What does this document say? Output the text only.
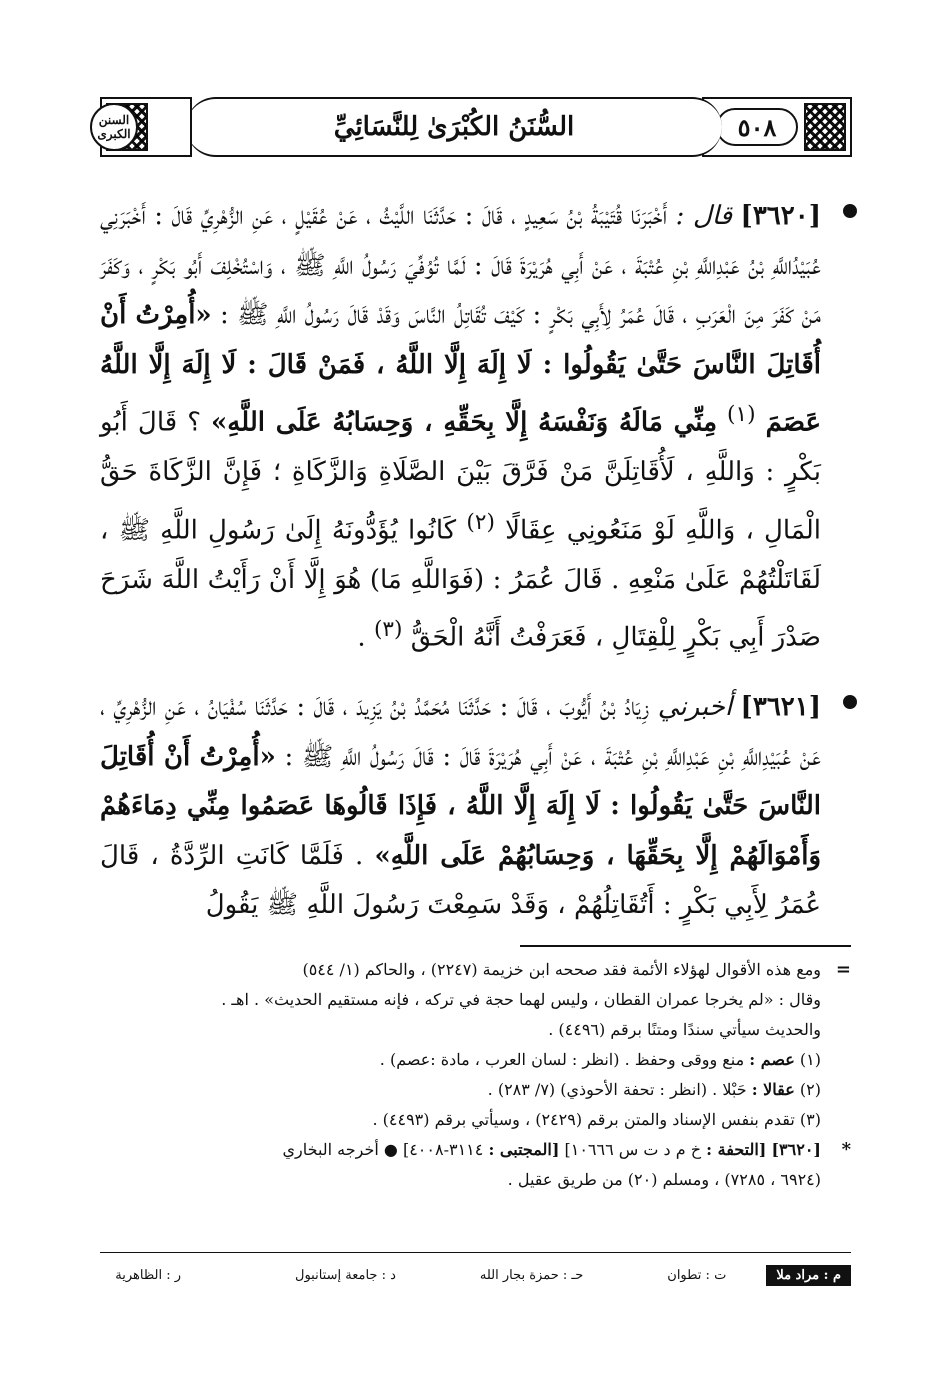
٥٠٨
السُّنَنُ الكُبْرَىٰ لِلنَّسَائِيِّ
السنن الكبرى
[٣٦٢٠] قال : أَخْبَرَنَا قُتَيْبَةُ بْنُ سَعِيدٍ ، قَالَ : حَدَّثَنَا اللَّيْثُ ، عَنْ عُقَيْلٍ ، عَنِ الزُّهْرِيِّ قَالَ : أَخْبَرَنِي عُبَيْدُاللَّهِ بْنُ عَبْدِاللَّهِ بْنِ عُتْبَةَ ، عَنْ أَبِي هُرَيْرَةَ قَالَ : لَمَّا تُوُفِّيَ رَسُولُ اللَّهِ ﷺ ، وَاسْتُخْلِفَ أَبُو بَكْرٍ ، وَكَفَرَ مَنْ كَفَرَ مِنَ الْعَرَبِ ، قَالَ عُمَرُ لِأَبِي بَكْرٍ : كَيْفَ تُقَاتِلُ النَّاسَ وَقَدْ قَالَ رَسُولُ اللَّهِ ﷺ : «أُمِرْتُ أَنْ أُقَاتِلَ النَّاسَ حَتَّىٰ يَقُولُوا : لَا إِلَهَ إِلَّا اللَّهُ ، فَمَنْ قَالَ : لَا إِلَهَ إِلَّا اللَّهُ عَصَمَ $^{(١)}$ مِنِّي مَالَهُ وَنَفْسَهُ إِلَّا بِحَقِّهِ ، وَحِسَابُهُ عَلَى اللَّهِ» ؟ قَالَ أَبُو بَكْرٍ : وَاللَّهِ ، لَأُقَاتِلَنَّ مَنْ فَرَّقَ بَيْنَ الصَّلَاةِ وَالزَّكَاةِ ؛ فَإِنَّ الزَّكَاةَ حَقُّ الْمَالِ ، وَاللَّهِ لَوْ مَنَعُونِي عِقَالًا $^{(٢)}$ كَانُوا يُؤَدُّونَهُ إِلَىٰ رَسُولِ اللَّهِ ﷺ ، لَقَاتَلْتُهُمْ عَلَىٰ مَنْعِهِ . قَالَ عُمَرُ : (فَوَاللَّهِ مَا) هُوَ إِلَّا أَنْ رَأَيْتُ اللَّهَ شَرَحَ صَدْرَ أَبِي بَكْرٍ لِلْقِتَالِ ، فَعَرَفْتُ أَنَّهُ الْحَقُّ $^{(٣)}$ .
[٣٦٢١] أخبرني زِيَادُ بْنُ أَيُّوبَ ، قَالَ : حَدَّثَنَا مُحَمَّدُ بْنُ يَزِيدَ ، قَالَ : حَدَّثَنَا سُفْيَانُ ، عَنِ الزُّهْرِيِّ ، عَنْ عُبَيْدِاللَّهِ بْنِ عَبْدِاللَّهِ بْنِ عُتْبَةَ ، عَنْ أَبِي هُرَيْرَةَ قَالَ : قَالَ رَسُولُ اللَّهِ ﷺ : «أُمِرْتُ أَنْ أُقَاتِلَ النَّاسَ حَتَّىٰ يَقُولُوا : لَا إِلَهَ إِلَّا اللَّهُ ، فَإِذَا قَالُوهَا عَصَمُوا مِنِّي دِمَاءَهُمْ وَأَمْوَالَهُمْ إِلَّا بِحَقِّهَا ، وَحِسَابُهُمْ عَلَى اللَّهِ» . فَلَمَّا كَانَتِ الرِّدَّةُ ، قَالَ عُمَرُ لِأَبِي بَكْرٍ : أَتُقَاتِلُهُمْ ، وَقَدْ سَمِعْتَ رَسُولَ اللَّهِ ﷺ يَقُولُ
=
ومع هذه الأقوال لهؤلاء الأئمة فقد صححه ابن خزيمة (٢٢٤٧) ، والحاكم (١/ ٥٤٤)
وقال : «لم يخرجا عمران القطان ، وليس لهما حجة في تركه ، فإنه مستقيم الحديث» . اهـ .
والحديث سيأتي سندًا ومتنًا برقم (٤٤٩٦) .
(١) عصم : منع ووقى وحفظ . (انظر : لسان العرب ، مادة :عصم) .
(٢) عقالا : حَبْلا . (انظر : تحفة الأحوذي) (٧/ ٢٨٣) .
(٣) تقدم بنفس الإسناد والمتن برقم (٢٤٢٩) ، وسيأتي برقم (٤٤٩٣) .
*
[٣٦٢٠] [التحفة : خ م د ت س ١٠٦٦٦] [المجتبى : ٣١١٤-٤٠٠٨] ● أخرجه البخاري
(٦٩٢٤ ، ٧٢٨٥) ، ومسلم (٢٠) من طريق عقيل .
م : مراد ملا
ت : تطوان
حـ : حمزة بجار الله
د : جامعة إستانبول
ر : الظاهرية
